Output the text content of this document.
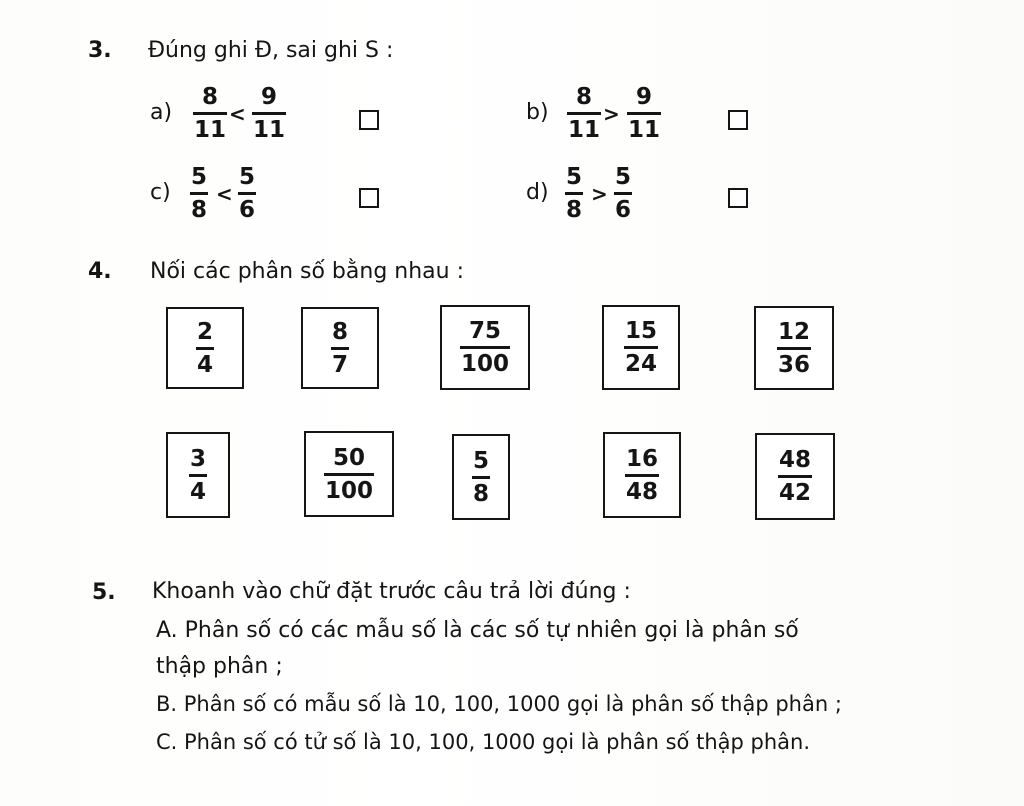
3. Đúng ghi Đ, sai ghi S :
a)
8
11
<
9
11
b)
8
11
>
9
11
c)
5
8
<
5
6
d)
5
8
>
5
6
4. Nối các phân số bằng nhau :
$\frac{2}{4}$	$\frac{8}{7}$	$\frac{75}{100}$	$\frac{15}{24}$	$\frac{12}{36}$
$\frac{3}{4}$	$\frac{50}{100}$	$\frac{5}{8}$	$\frac{16}{48}$	$\frac{48}{42}$
5. Khoanh vào chữ đặt trước câu trả lời đúng :
A. Phân số có các mẫu số là các số tự nhiên gọi là phân số
thập phân ;
B. Phân số có mẫu số là 10, 100, 1000 gọi là phân số thập phân ;
C. Phân số có tử số là 10, 100, 1000 gọi là phân số thập phân.
